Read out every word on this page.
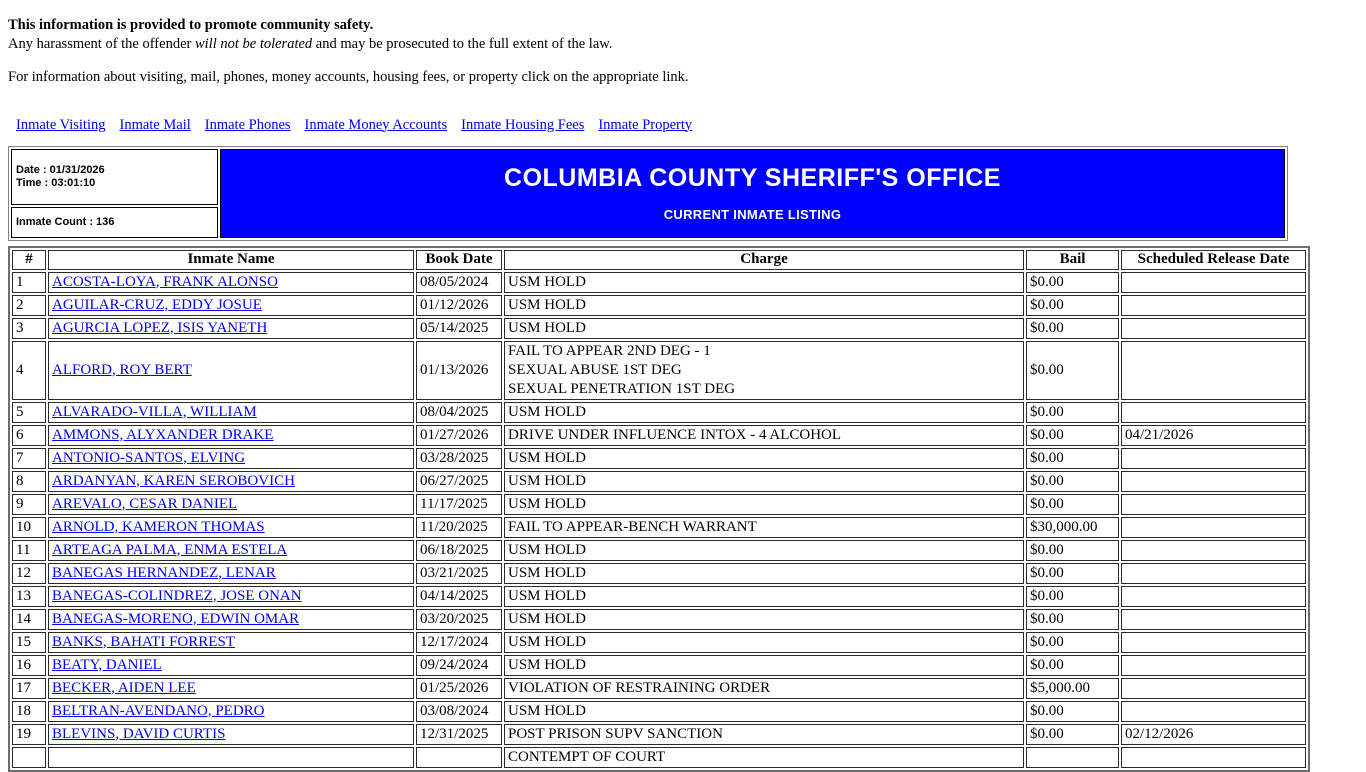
This information is provided to promote community safety.

Any harassment of the offender will not be tolerated and may be prosecuted to the full extent of the law.

For information about visiting, mail, phones, money accounts, housing fees, or property click on the appropriate link.

Inmate Visiting Inmate Mail Inmate Phones Inmate Money Accounts Inmate Housing Fees Inmate Property
Date : 01/31/2026
Time : 03:01:10
Inmate Count : 136
COLUMBIA COUNTY SHERIFF'S OFFICE
CURRENT INMATE LISTING
#	Inmate Name	Book Date	Charge	Bail	Scheduled Release Date
1	ACOSTA-LOYA, FRANK ALONSO	08/05/2024	USM HOLD	$0.00	
2	AGUILAR-CRUZ, EDDY JOSUE	01/12/2026	USM HOLD	$0.00	
3	AGURCIA LOPEZ, ISIS YANETH	05/14/2025	USM HOLD	$0.00	
4	ALFORD, ROY BERT	01/13/2026	FAIL TO APPEAR 2ND DEG - 1
SEXUAL ABUSE 1ST DEG
SEXUAL PENETRATION 1ST DEG	$0.00	
5	ALVARADO-VILLA, WILLIAM	08/04/2025	USM HOLD	$0.00	
6	AMMONS, ALYXANDER DRAKE	01/27/2026	DRIVE UNDER INFLUENCE INTOX - 4 ALCOHOL	$0.00	04/21/2026
7	ANTONIO-SANTOS, ELVING	03/28/2025	USM HOLD	$0.00	
8	ARDANYAN, KAREN SEROBOVICH	06/27/2025	USM HOLD	$0.00	
9	AREVALO, CESAR DANIEL	11/17/2025	USM HOLD	$0.00	
10	ARNOLD, KAMERON THOMAS	11/20/2025	FAIL TO APPEAR-BENCH WARRANT	$30,000.00	
11	ARTEAGA PALMA, ENMA ESTELA	06/18/2025	USM HOLD	$0.00	
12	BANEGAS HERNANDEZ, LENAR	03/21/2025	USM HOLD	$0.00	
13	BANEGAS-COLINDREZ, JOSE ONAN	04/14/2025	USM HOLD	$0.00	
14	BANEGAS-MORENO, EDWIN OMAR	03/20/2025	USM HOLD	$0.00	
15	BANKS, BAHATI FORREST	12/17/2024	USM HOLD	$0.00	
16	BEATY, DANIEL	09/24/2024	USM HOLD	$0.00	
17	BECKER, AIDEN LEE	01/25/2026	VIOLATION OF RESTRAINING ORDER	$5,000.00	
18	BELTRAN-AVENDANO, PEDRO	03/08/2024	USM HOLD	$0.00	
19	BLEVINS, DAVID CURTIS	12/31/2025	POST PRISON SUPV SANCTION	$0.00	02/12/2026

			CONTEMPT OF COURT		
